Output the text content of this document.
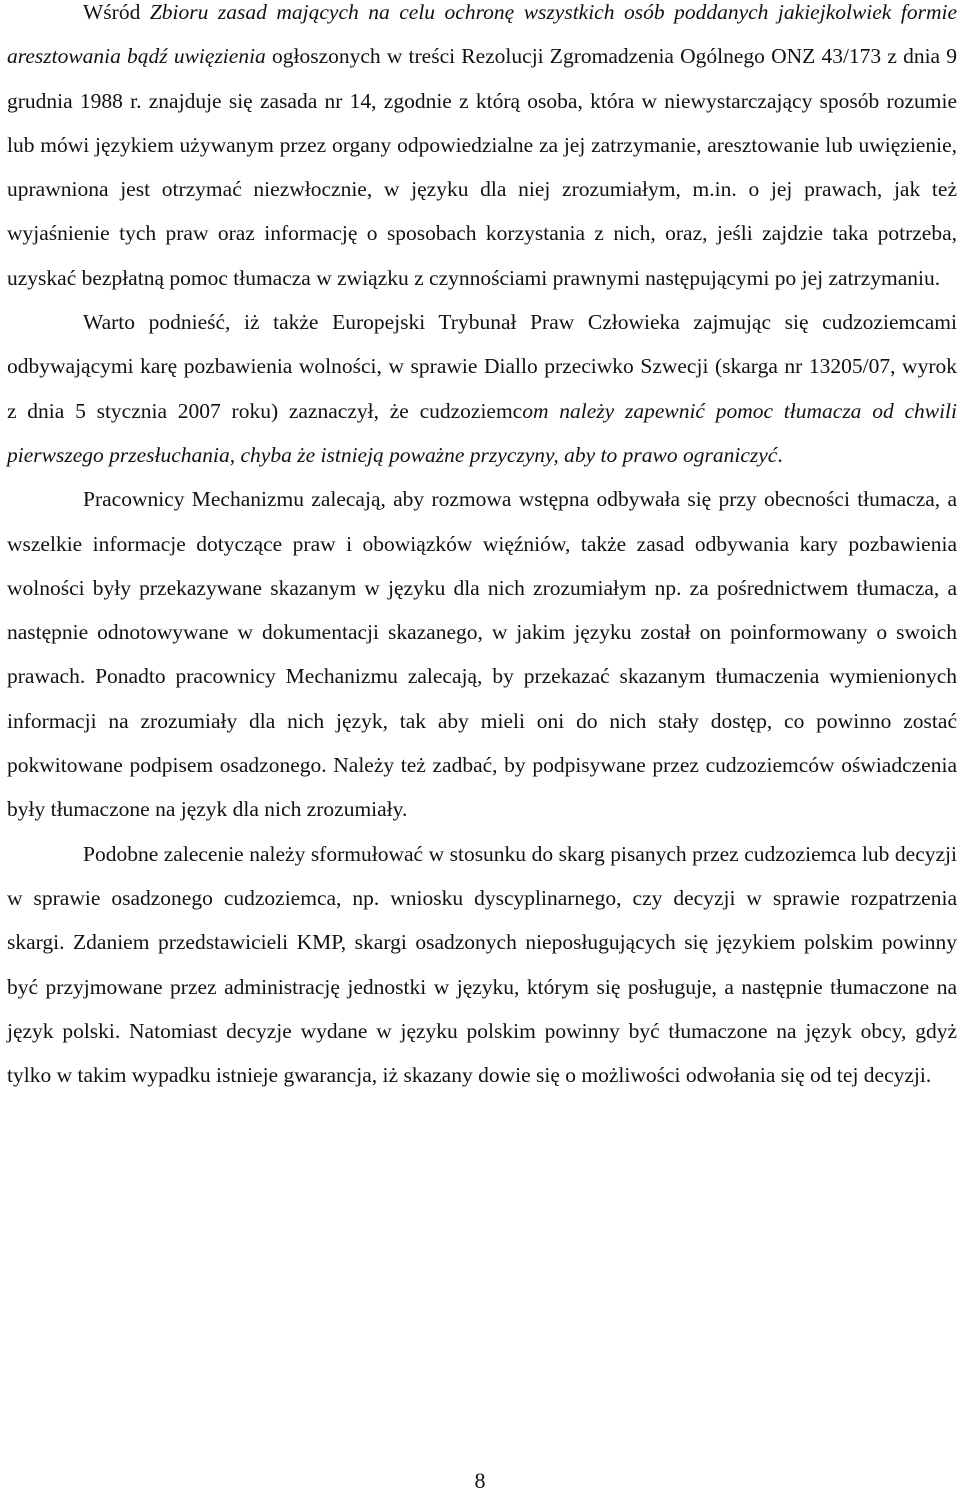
Wśród Zbioru zasad mających na celu ochronę wszystkich osób poddanych jakiejkolwiek formie aresztowania bądź uwięzienia ogłoszonych w treści Rezolucji Zgromadzenia Ogólnego ONZ 43/173 z dnia 9 grudnia 1988 r. znajduje się zasada nr 14, zgodnie z którą osoba, która w niewystarczający sposób rozumie lub mówi językiem używanym przez organy odpowiedzialne za jej zatrzymanie, aresztowanie lub uwięzienie, uprawniona jest otrzymać niezwłocznie, w języku dla niej zrozumiałym, m.in. o jej prawach, jak też wyjaśnienie tych praw oraz informację o sposobach korzystania z nich, oraz, jeśli zajdzie taka potrzeba, uzyskać bezpłatną pomoc tłumacza w związku z czynnościami prawnymi następującymi po jej zatrzymaniu.

Warto podnieść, iż także Europejski Trybunał Praw Człowieka zajmując się cudzoziemcami odbywającymi karę pozbawienia wolności, w sprawie Diallo przeciwko Szwecji (skarga nr 13205/07, wyrok z dnia 5 stycznia 2007 roku) zaznaczył, że cudzoziemcom należy zapewnić pomoc tłumacza od chwili pierwszego przesłuchania, chyba że istnieją poważne przyczyny, aby to prawo ograniczyć.

Pracownicy Mechanizmu zalecają, aby rozmowa wstępna odbywała się przy obecności tłumacza, a wszelkie informacje dotyczące praw i obowiązków więźniów, także zasad odbywania kary pozbawienia wolności były przekazywane skazanym w języku dla nich zrozumiałym np. za pośrednictwem tłumacza, a następnie odnotowywane w dokumentacji skazanego, w jakim języku został on poinformowany o swoich prawach. Ponadto pracownicy Mechanizmu zalecają, by przekazać skazanym tłumaczenia wymienionych informacji na zrozumiały dla nich język, tak aby mieli oni do nich stały dostęp, co powinno zostać pokwitowane podpisem osadzonego. Należy też zadbać, by podpisywane przez cudzoziemców oświadczenia były tłumaczone na język dla nich zrozumiały.

Podobne zalecenie należy sformułować w stosunku do skarg pisanych przez cudzoziemca lub decyzji w sprawie osadzonego cudzoziemca, np. wniosku dyscyplinarnego, czy decyzji w sprawie rozpatrzenia skargi. Zdaniem przedstawicieli KMP, skargi osadzonych nieposługujących się językiem polskim powinny być przyjmowane przez administrację jednostki w języku, którym się posługuje, a następnie tłumaczone na język polski. Natomiast decyzje wydane w języku polskim powinny być tłumaczone na język obcy, gdyż tylko w takim wypadku istnieje gwarancja, iż skazany dowie się o możliwości odwołania się od tej decyzji.

8
